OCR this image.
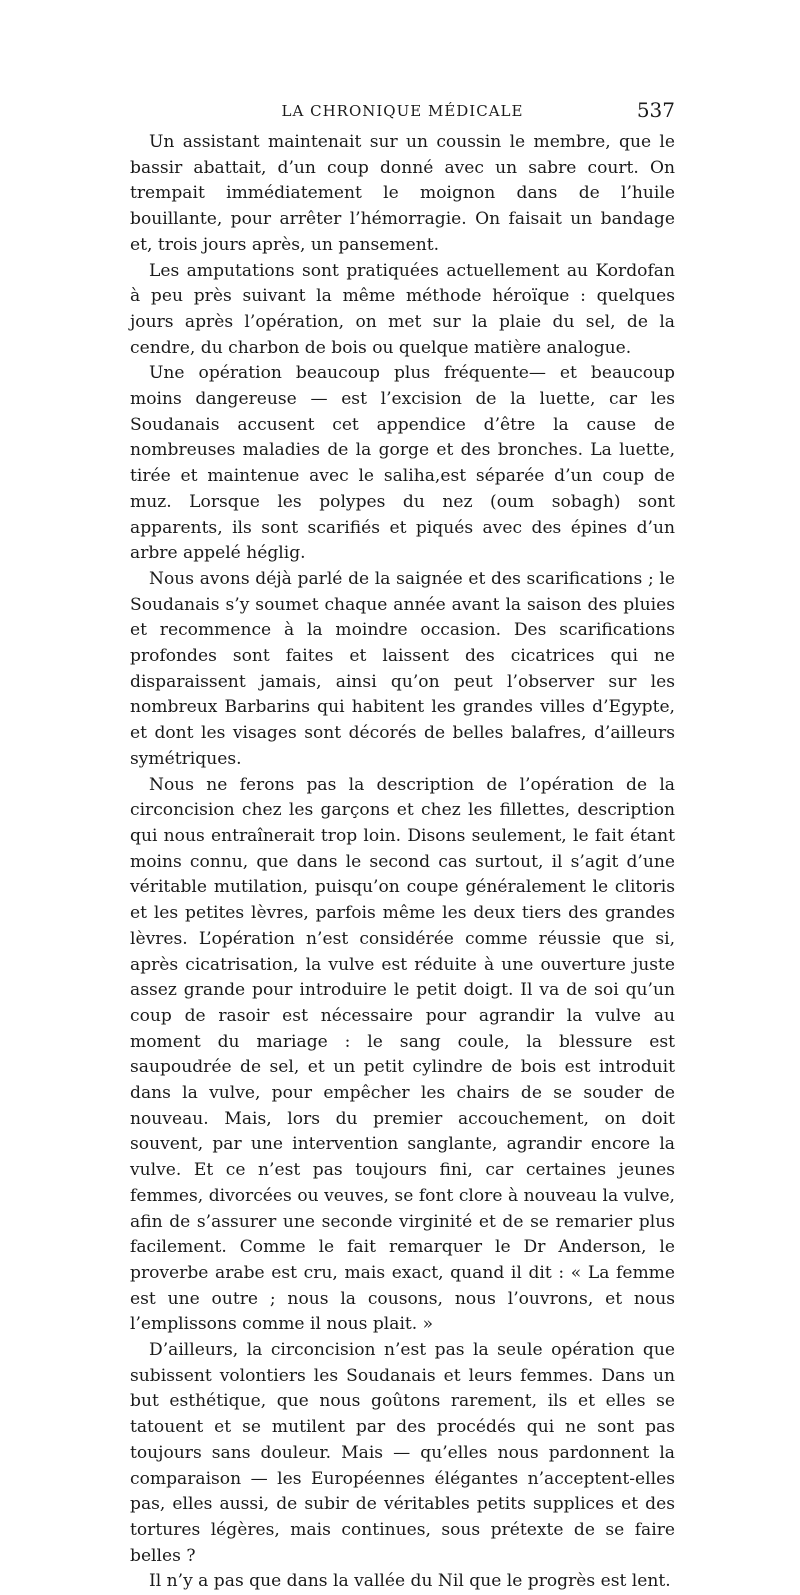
LA CHRONIQUE MÉDICALE	537

Un assistant maintenait sur un coussin le membre, que le bassir abattait, d’un coup donné avec un sabre court. On trempait immédiatement le moignon dans de l’huile bouillante, pour arrêter l’hémorragie. On faisait un bandage et, trois jours après, un pansement.

Les amputations sont pratiquées actuellement au Kordofan à peu près suivant la même méthode héroïque : quelques jours après l’opération, on met sur la plaie du sel, de la cendre, du charbon de bois ou quelque matière analogue.

Une opération beaucoup plus fréquente— et beaucoup moins dangereuse — est l’excision de la luette, car les Soudanais accusent cet appendice d’être la cause de nombreuses maladies de la gorge et des bronches. La luette, tirée et maintenue avec le saliha,est séparée d’un coup de muz. Lorsque les polypes du nez (oum sobagh) sont apparents, ils sont scarifiés et piqués avec des épines d’un arbre appelé héglig.

Nous avons déjà parlé de la saignée et des scarifications ; le Soudanais s’y soumet chaque année avant la saison des pluies et recommence à la moindre occasion. Des scarifications profondes sont faites et laissent des cicatrices qui ne disparaissent jamais, ainsi qu’on peut l’observer sur les nombreux Barbarins qui habitent les grandes villes d’Egypte, et dont les visages sont décorés de belles balafres, d’ailleurs symétriques.

Nous ne ferons pas la description de l’opération de la circoncision chez les garçons et chez les fillettes, description qui nous entraînerait trop loin. Disons seulement, le fait étant moins connu, que dans le second cas surtout, il s’agit d’une véritable mutilation, puisqu’on coupe généralement le clitoris et les petites lèvres, parfois même les deux tiers des grandes lèvres. L’opération n’est considérée comme réussie que si, après cicatrisation, la vulve est réduite à une ouverture juste assez grande pour introduire le petit doigt. Il va de soi qu’un coup de rasoir est nécessaire pour agrandir la vulve au moment du mariage : le sang coule, la blessure est saupoudrée de sel, et un petit cylindre de bois est introduit dans la vulve, pour empêcher les chairs de se souder de nouveau. Mais, lors du premier accouchement, on doit souvent, par une intervention sanglante, agrandir encore la vulve. Et ce n’est pas toujours fini, car certaines jeunes femmes, divorcées ou veuves, se font clore à nouveau la vulve, afin de s’assurer une seconde virginité et de se remarier plus facilement. Comme le fait remarquer le Dr Anderson, le proverbe arabe est cru, mais exact, quand il dit : « La femme est une outre ; nous la cousons, nous l’ouvrons, et nous l’emplissons comme il nous plait. »

D’ailleurs, la circoncision n’est pas la seule opération que subissent volontiers les Soudanais et leurs femmes. Dans un but esthétique, que nous goûtons rarement, ils et elles se tatouent et se mutilent par des procédés qui ne sont pas toujours sans douleur. Mais — qu’elles nous pardonnent la comparaison — les Européennes élégantes n’acceptent-elles pas, elles aussi, de subir de véritables petits supplices et des tortures légères, mais continues, sous prétexte de se faire belles ?

Il n’y a pas que dans la vallée du Nil que le progrès est lent.
